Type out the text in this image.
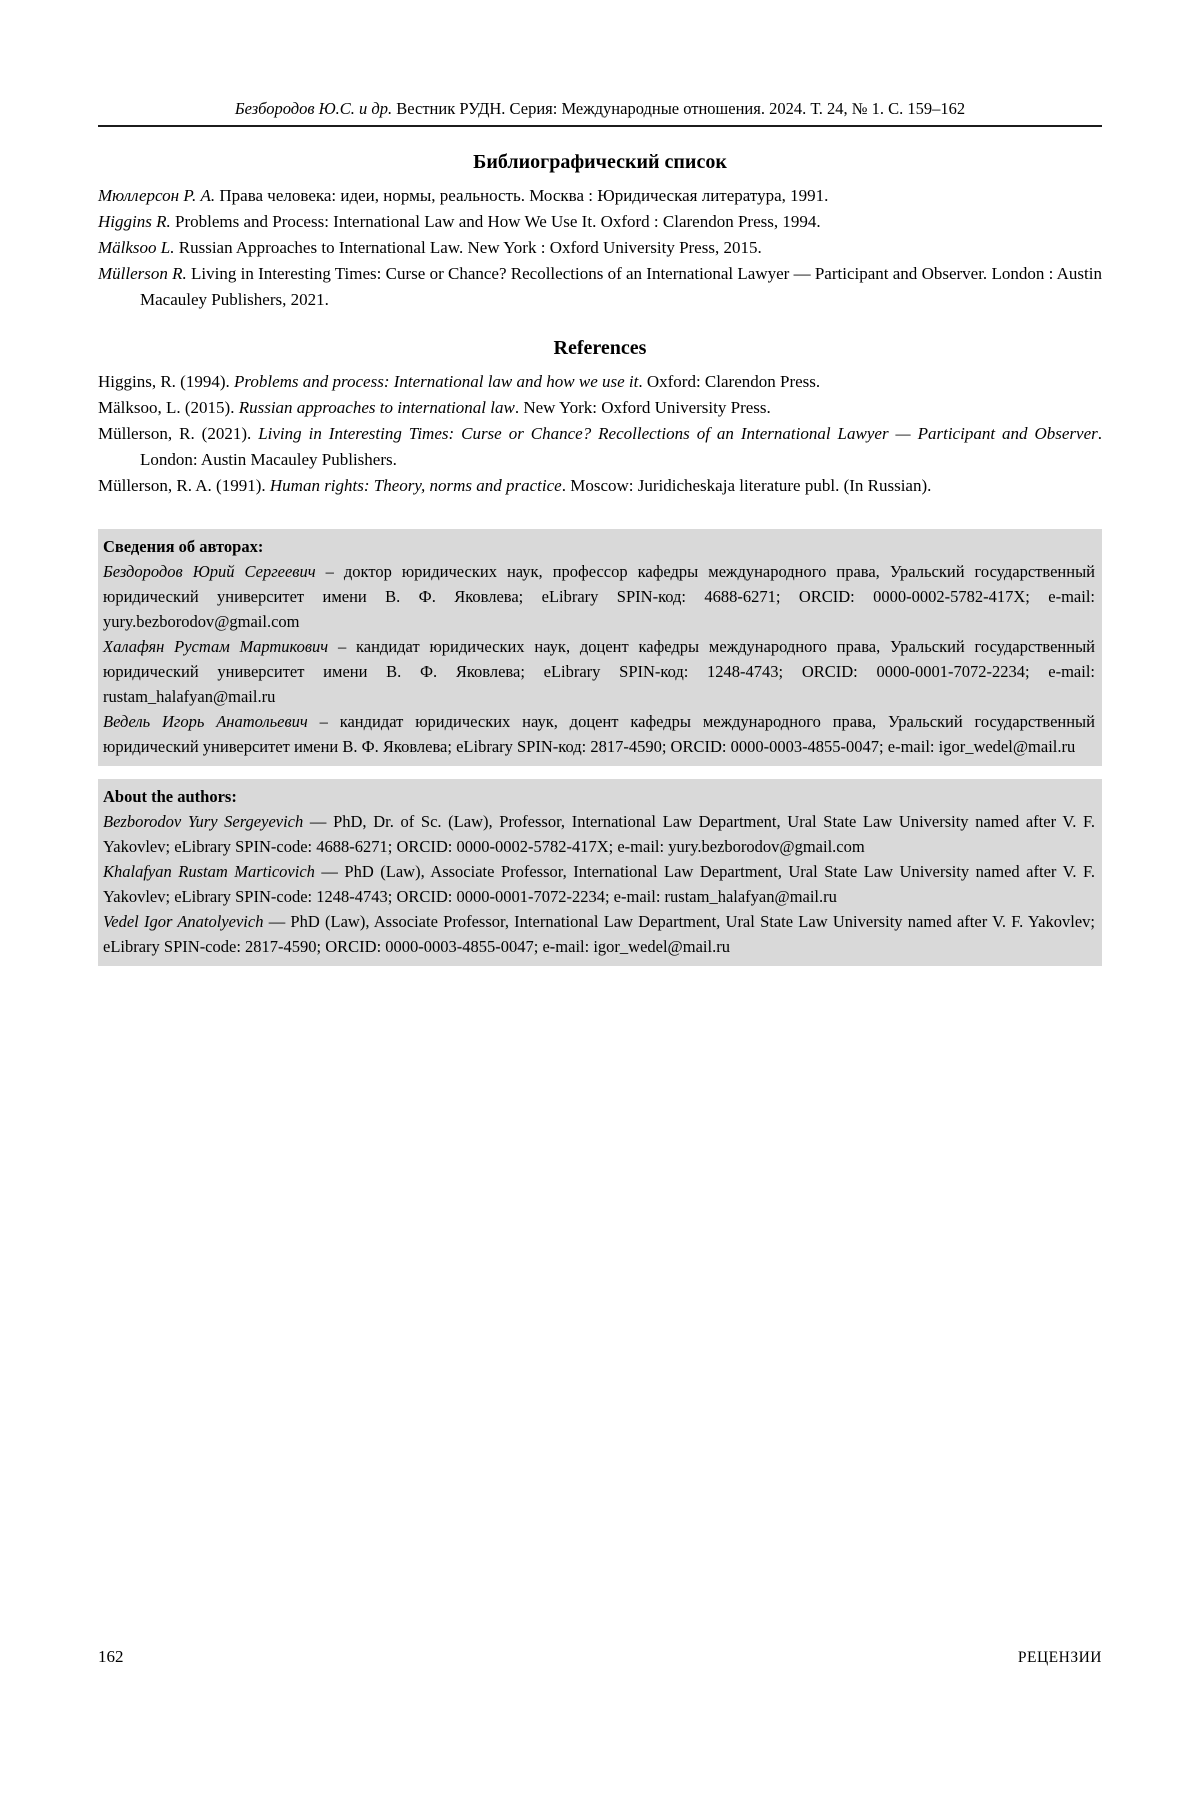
Безбородов Ю.С. и др. Вестник РУДН. Серия: Международные отношения. 2024. Т. 24, № 1. С. 159–162
Библиографический список

Мюллерсон Р. А. Права человека: идеи, нормы, реальность. Москва : Юридическая литература, 1991.

Higgins R. Problems and Process: International Law and How We Use It. Oxford : Clarendon Press, 1994.

Mälksoo L. Russian Approaches to International Law. New York : Oxford University Press, 2015.

Müllerson R. Living in Interesting Times: Curse or Chance? Recollections of an International Lawyer — Participant and Observer. London : Austin Macauley Publishers, 2021.

References

Higgins, R. (1994). Problems and process: International law and how we use it. Oxford: Clarendon Press.

Mälksoo, L. (2015). Russian approaches to international law. New York: Oxford University Press.

Müllerson, R. (2021). Living in Interesting Times: Curse or Chance? Recollections of an International Lawyer — Participant and Observer. London: Austin Macauley Publishers.

Müllerson, R. A. (1991). Human rights: Theory, norms and practice. Moscow: Juridicheskaja literature publ. (In Russian).

Сведения об авторах:

Бездородов Юрий Сергеевич – доктор юридических наук, профессор кафедры международного права, Уральский государственный юридический университет имени В. Ф. Яковлева; eLibrary SPIN-код: 4688-6271; ORCID: 0000-0002-5782-417X; e-mail: yury.bezborodov@gmail.com

Халафян Рустам Мартикович – кандидат юридических наук, доцент кафедры международного права, Уральский государственный юридический университет имени В. Ф. Яковлева; eLibrary SPIN-код: 1248-4743; ORCID: 0000-0001-7072-2234; e-mail: rustam_halafyan@mail.ru

Ведель Игорь Анатольевич – кандидат юридических наук, доцент кафедры международного права, Уральский государственный юридический университет имени В. Ф. Яковлева; eLibrary SPIN-код: 2817-4590; ORCID: 0000-0003-4855-0047; e-mail: igor_wedel@mail.ru

About the authors:

Bezborodov Yury Sergeyevich — PhD, Dr. of Sc. (Law), Professor, International Law Department, Ural State Law University named after V. F. Yakovlev; eLibrary SPIN-code: 4688-6271; ORCID: 0000-0002-5782-417X; e-mail: yury.bezborodov@gmail.com

Khalafyan Rustam Marticovich — PhD (Law), Associate Professor, International Law Department, Ural State Law University named after V. F. Yakovlev; eLibrary SPIN-code: 1248-4743; ORCID: 0000-0001-7072-2234; e-mail: rustam_halafyan@mail.ru

Vedel Igor Anatolyevich — PhD (Law), Associate Professor, International Law Department, Ural State Law University named after V. F. Yakovlev; eLibrary SPIN-code: 2817-4590; ORCID: 0000-0003-4855-0047; e-mail: igor_wedel@mail.ru

162	РЕЦЕНЗИИ
